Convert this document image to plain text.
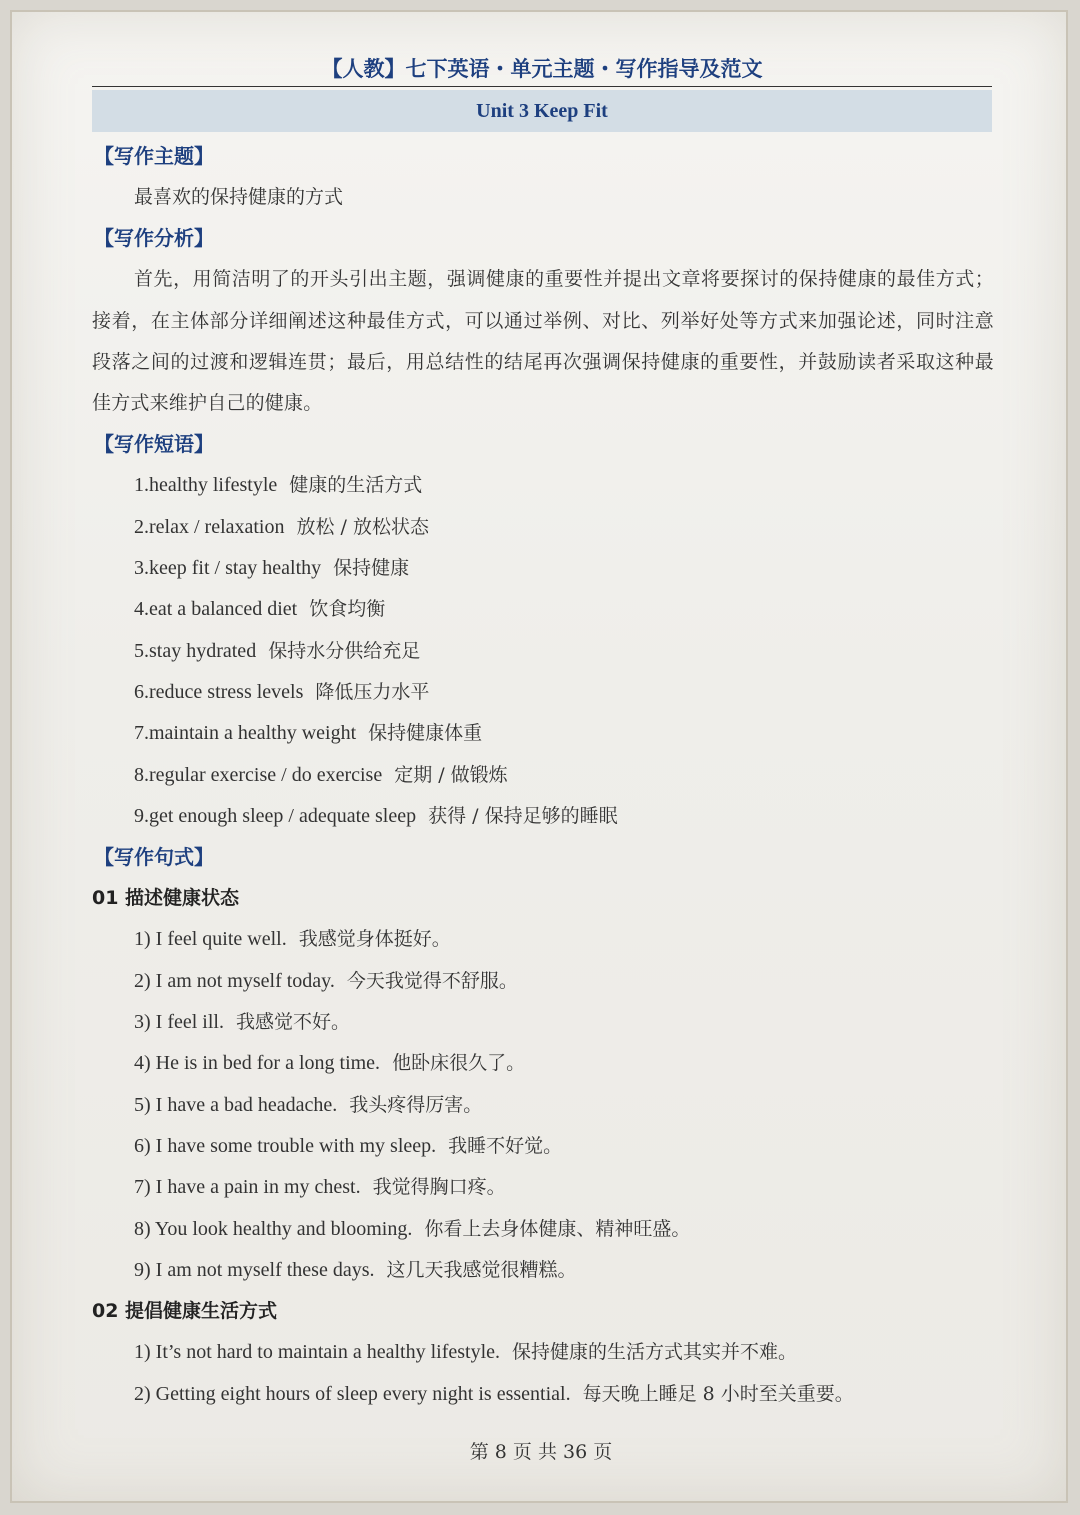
【人教】七下英语・单元主题・写作指导及范文
Unit 3 Keep Fit
【写作主题】
最喜欢的保持健康的方式
【写作分析】
首先，用简洁明了的开头引出主题，强调健康的重要性并提出文章将要探讨的保持健康的最佳方式；接着，在主体部分详细阐述这种最佳方式，可以通过举例、对比、列举好处等方式来加强论述，同时注意段落之间的过渡和逻辑连贯；最后，用总结性的结尾再次强调保持健康的重要性，并鼓励读者采取这种最佳方式来维护自己的健康。
【写作短语】
1.healthy lifestyle 健康的生活方式
2.relax / relaxation 放松 / 放松状态
3.keep fit / stay healthy 保持健康
4.eat a balanced diet 饮食均衡
5.stay hydrated 保持水分供给充足
6.reduce stress levels 降低压力水平
7.maintain a healthy weight 保持健康体重
8.regular exercise / do exercise 定期 / 做锻炼
9.get enough sleep / adequate sleep 获得 / 保持足够的睡眠
【写作句式】
01 描述健康状态
1) I feel quite well. 我感觉身体挺好。
2) I am not myself today. 今天我觉得不舒服。
3) I feel ill. 我感觉不好。
4) He is in bed for a long time. 他卧床很久了。
5) I have a bad headache. 我头疼得厉害。
6) I have some trouble with my sleep. 我睡不好觉。
7) I have a pain in my chest. 我觉得胸口疼。
8) You look healthy and blooming. 你看上去身体健康、精神旺盛。
9) I am not myself these days. 这几天我感觉很糟糕。
02 提倡健康生活方式
1) It’s not hard to maintain a healthy lifestyle. 保持健康的生活方式其实并不难。
2) Getting eight hours of sleep every night is essential. 每天晚上睡足 8 小时至关重要。
第 8 页 共 36 页
